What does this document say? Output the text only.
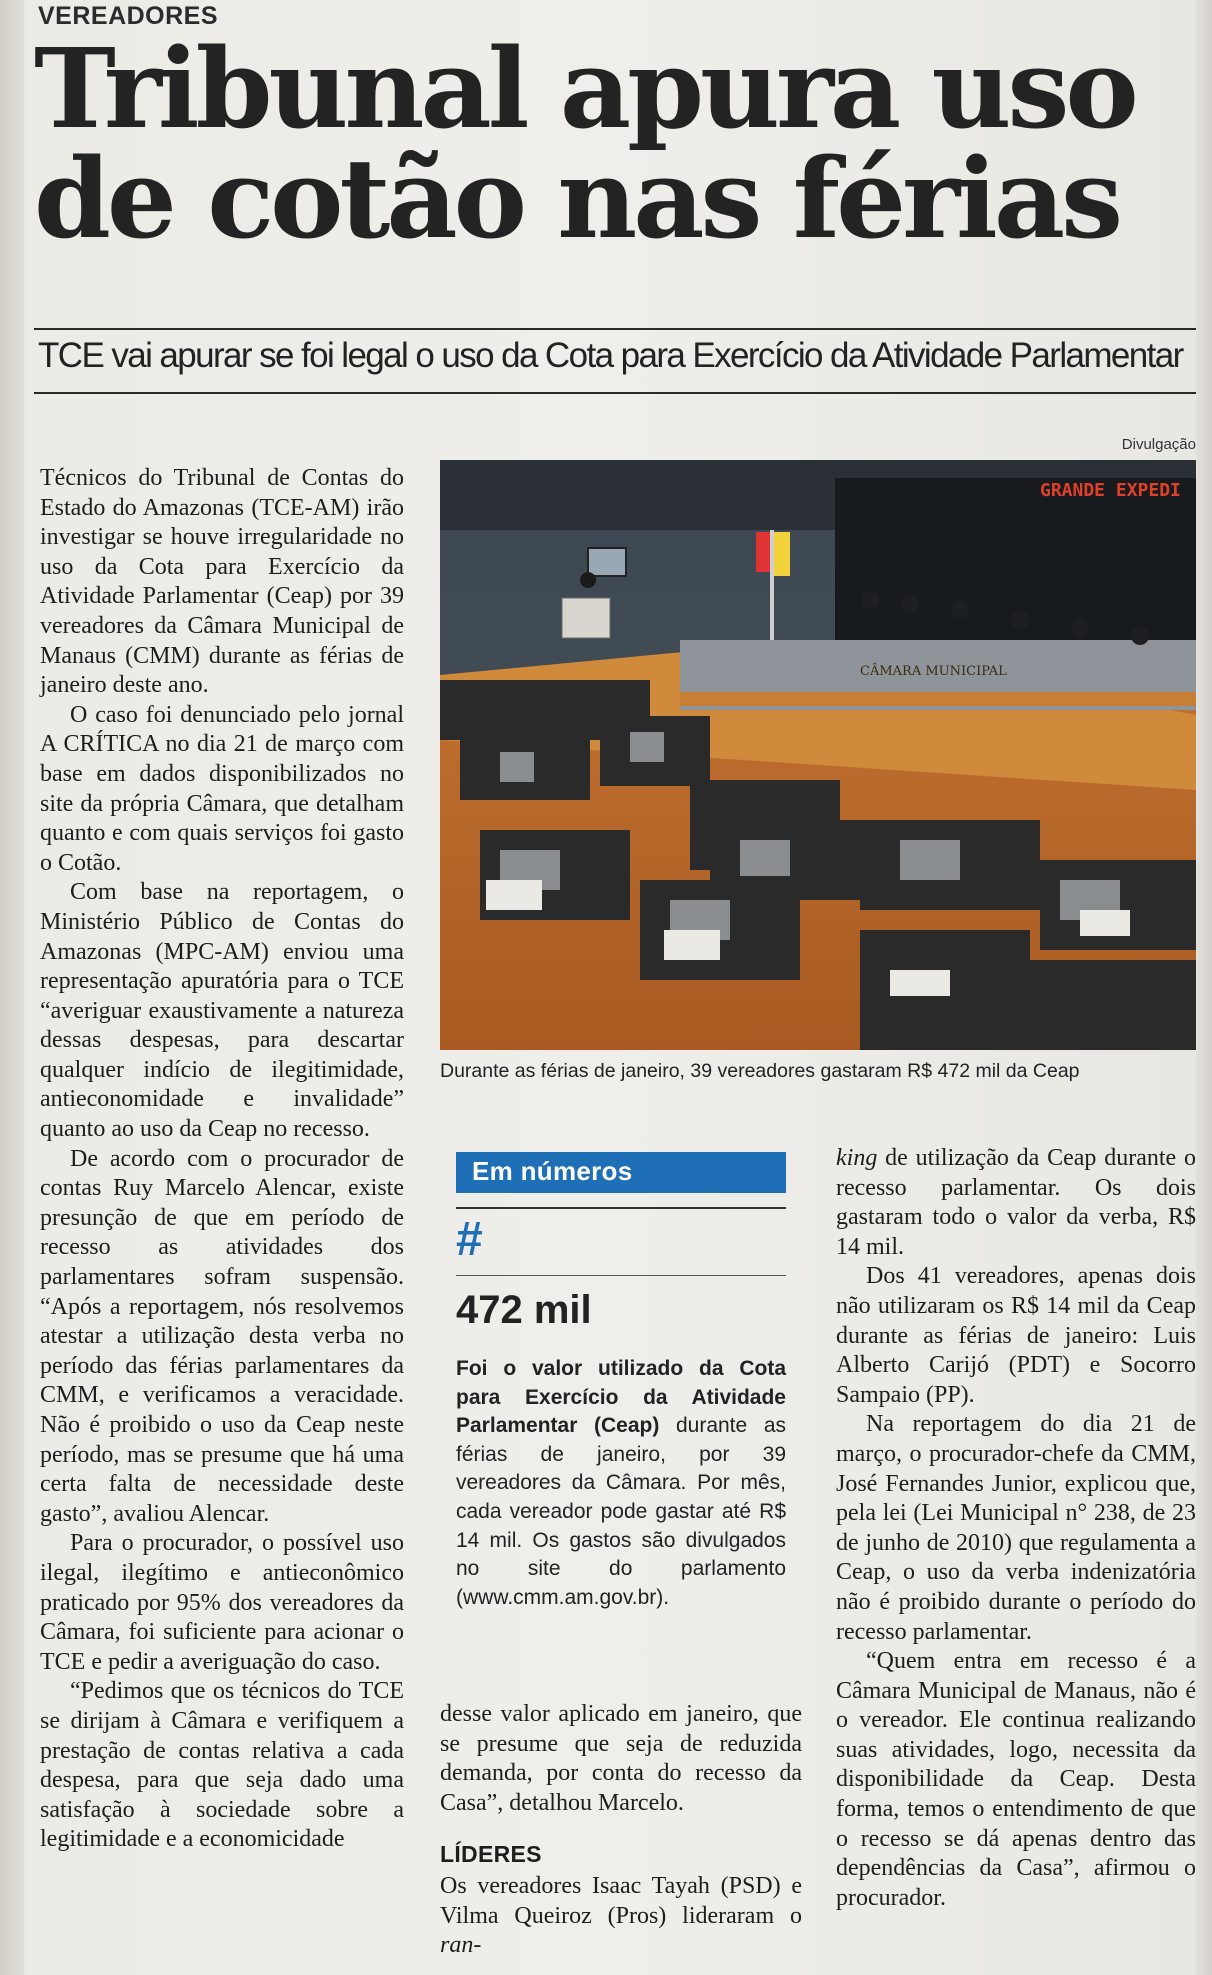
VEREADORES
Tribunal apura uso
de cotão nas férias
TCE vai apurar se foi legal o uso da Cota para Exercício da Atividade Parlamentar

Técnicos do Tribunal de Contas do Estado do Amazonas (TCE-AM) irão investigar se houve irregularidade no uso da Cota para Exercício da Atividade Parlamentar (Ceap) por 39 vereadores da Câmara Municipal de Manaus (CMM) durante as férias de janeiro deste ano.

O caso foi denunciado pelo jornal A CRÍTICA no dia 21 de março com base em dados disponibilizados no site da própria Câmara, que detalham quanto e com quais serviços foi gasto o Cotão.

Com base na reportagem, o Ministério Público de Contas do Amazonas (MPC-AM) enviou uma representação apuratória para o TCE “averiguar exaustivamente a natureza dessas despesas, para descartar qualquer indício de ilegitimidade, antieconomidade e invalidade” quanto ao uso da Ceap no recesso.

De acordo com o procurador de contas Ruy Marcelo Alencar, existe presunção de que em período de recesso as atividades dos parlamentares sofram suspensão. “Após a reportagem, nós resolvemos atestar a utilização desta verba no período das férias parlamentares da CMM, e verificamos a veracidade. Não é proibido o uso da Ceap neste período, mas se presume que há uma certa falta de necessidade deste gasto”, avaliou Alencar.

Para o procurador, o possível uso ilegal, ilegítimo e antieconômico praticado por 95% dos vereadores da Câmara, foi suficiente para acionar o TCE e pedir a averiguação do caso.

“Pedimos que os técnicos do TCE se dirijam à Câmara e verifiquem a prestação de contas relativa a cada despesa, para que seja dado uma satisfação à sociedade sobre a legitimidade e a economicidade

Divulgação
GRANDE EXPEDI
CÂMARA MUNICIPAL
Durante as férias de janeiro, 39 vereadores gastaram R$ 472 mil da Ceap
Em números
#
472 mil
Foi o valor utilizado da Cota para Exercício da Atividade Parlamentar (Ceap) durante as férias de janeiro, por 39 vereadores da Câmara. Por mês, cada vereador pode gastar até R$ 14 mil. Os gastos são divulgados no site do parlamento (www.cmm.am.gov.br).

desse valor aplicado em janeiro, que se presume que seja de reduzida demanda, por conta do recesso da Casa”, detalhou Marcelo.

LÍDERES

Os vereadores Isaac Tayah (PSD) e Vilma Queiroz (Pros) lideraram o ran-

king de utilização da Ceap durante o recesso parlamentar. Os dois gastaram todo o valor da verba, R$ 14 mil.

Dos 41 vereadores, apenas dois não utilizaram os R$ 14 mil da Ceap durante as férias de janeiro: Luis Alberto Carijó (PDT) e Socorro Sampaio (PP).

Na reportagem do dia 21 de março, o procurador-chefe da CMM, José Fernandes Junior, explicou que, pela lei (Lei Municipal n° 238, de 23 de junho de 2010) que regulamenta a Ceap, o uso da verba indenizatória não é proibido durante o período do recesso parlamentar.

“Quem entra em recesso é a Câmara Municipal de Manaus, não é o vereador. Ele continua realizando suas atividades, logo, necessita da disponibilidade da Ceap. Desta forma, temos o entendimento de que o recesso se dá apenas dentro das dependências da Casa”, afirmou o procurador.
